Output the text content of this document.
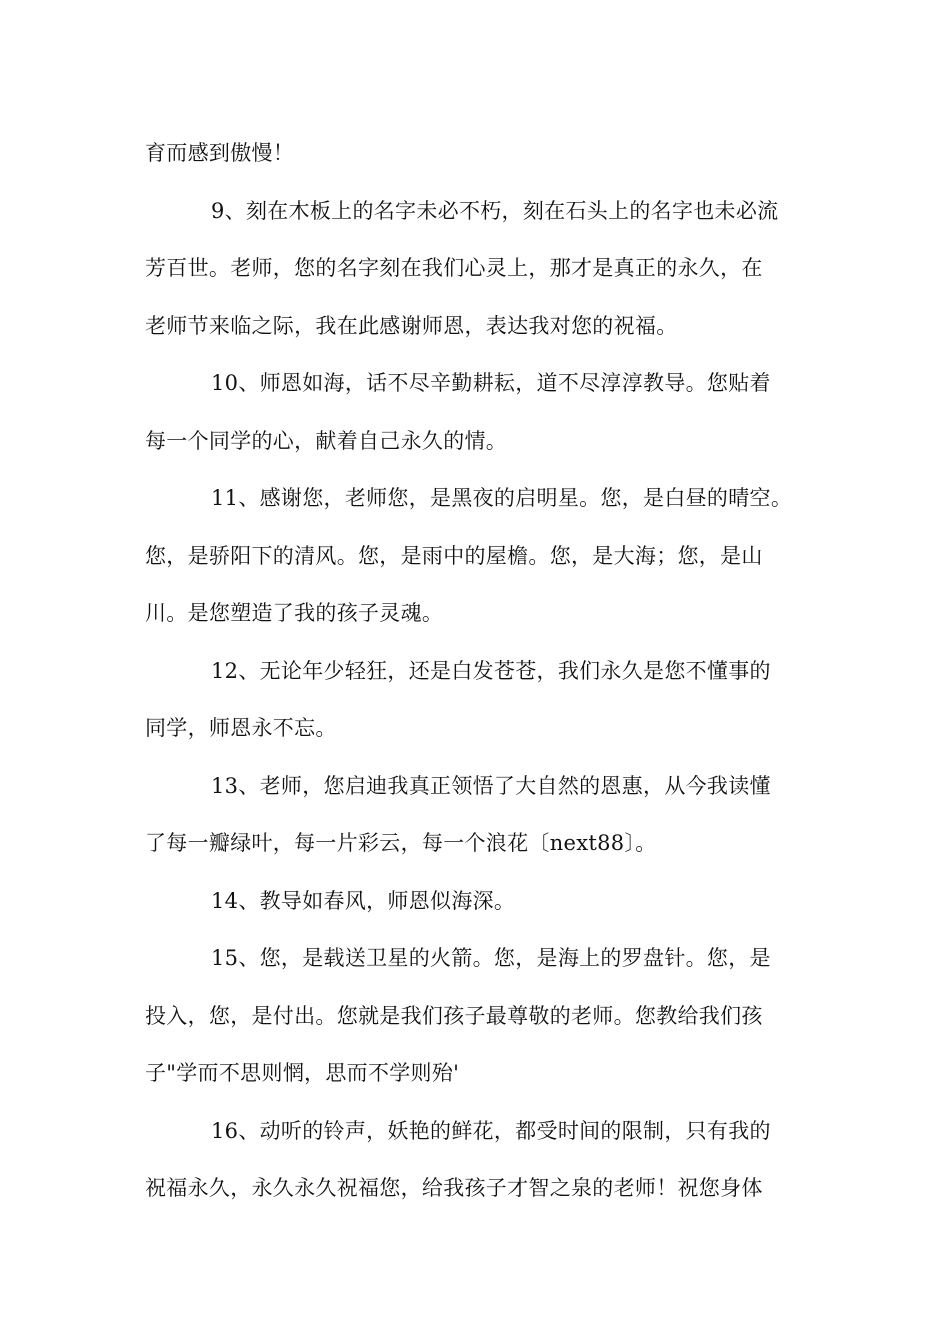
育而感到傲慢！
9、刻在木板上的名字未必不朽，刻在石头上的名字也未必流
芳百世。老师，您的名字刻在我们心灵上，那才是真正的永久，在
老师节来临之际，我在此感谢师恩，表达我对您的祝福。
10、师恩如海，话不尽辛勤耕耘，道不尽淳淳教导。您贴着
每一个同学的心，献着自己永久的情。
11、感谢您，老师您，是黑夜的启明星。您，是白昼的晴空。
您，是骄阳下的清风。您，是雨中的屋檐。您，是大海；您，是山
川。是您塑造了我的孩子灵魂。
12、无论年少轻狂，还是白发苍苍，我们永久是您不懂事的
同学，师恩永不忘。
13、老师，您启迪我真正领悟了大自然的恩惠，从今我读懂
了每一瓣绿叶，每一片彩云，每一个浪花〔next88〕。
14、教导如春风，师恩似海深。
15、您，是载送卫星的火箭。您，是海上的罗盘针。您，是
投入，您，是付出。您就是我们孩子最尊敬的老师。您教给我们孩
子"学而不思则惘，思而不学则殆'
16、动听的铃声，妖艳的鲜花，都受时间的限制，只有我的
祝福永久，永久永久祝福您，给我孩子才智之泉的老师！祝您身体
